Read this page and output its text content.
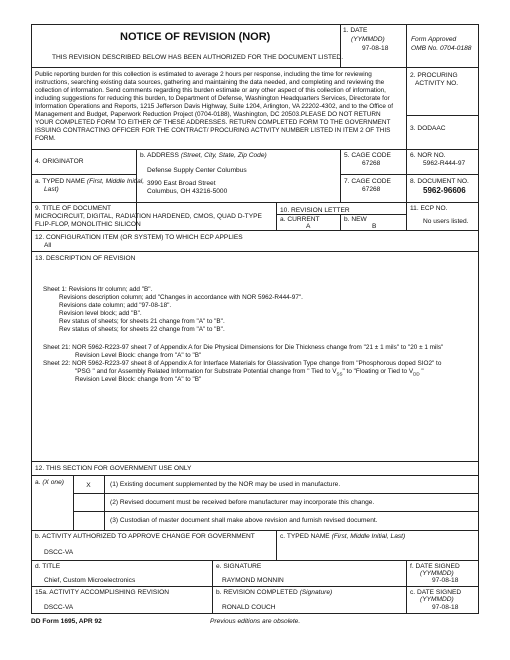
NOTICE OF REVISION (NOR)
THIS REVISION DESCRIBED BELOW HAS BEEN AUTHORIZED FOR THE DOCUMENT LISTED.
1. DATE
(YYMMDD)
97-08-18
Form Approved
OMB No. 0704-0188
Public reporting burden for this collection is estimated to average 2 hours per response, including the time for reviewing
instructions, searching existing data sources, gathering and maintaining the data needed, and completing and reviewing the
collection of information. Send comments regarding this burden estimate or any other aspect of this collection of information,
including suggestions for reducing this burden, to Department of Defense, Washington Headquarters Services, Directorate for
Information Operations and Reports, 1215 Jefferson Davis Highway, Suite 1204, Arlington, VA 22202-4302, and to the Office of
Management and Budget, Paperwork Reduction Project (0704-0188), Washington, DC 20503.PLEASE DO NOT RETURN
YOUR COMPLETED FORM TO EITHER OF THESE ADDRESSES. RETURN COMPLETED FORM TO THE GOVERNMENT
ISSUING CONTRACTING OFFICER FOR THE CONTRACT/ PROCURING ACTIVITY NUMBER LISTED IN ITEM 2 OF THIS
FORM.
2. PROCURING
ACTIVITY NO.
3. DODAAC
4. ORIGINATOR
b. ADDRESS (Street, City, State, Zip Code)
Defense Supply Center Columbus
3990 East Broad Street
Columbus, OH 43216-5000
5. CAGE CODE
67268
6. NOR NO.
5962-R444-97
a. TYPED NAME (First, Middle Initial,
Last)
7. CAGE CODE
67268
8. DOCUMENT NO.
5962-96606
9. TITLE OF DOCUMENT
MICROCIRCUIT, DIGITAL, RADIATION HARDENED, CMOS, QUAD D-TYPE
FLIP-FLOP, MONOLITHIC SILICON
10. REVISION LETTER
a. CURRENT
A
b. NEW
B
11. ECP NO.
No users listed.
12. CONFIGURATION ITEM (OR SYSTEM) TO WHICH ECP APPLIES
All
13. DESCRIPTION OF REVISION
Sheet 1: Revisions ltr column; add "B".
Revisions description column; add "Changes in accordance with NOR 5962-R444-97".
Revisions date column; add "97-08-18".
Revision level block; add "B".
Rev status of sheets; for sheets 21 change from "A" to "B".
Rev status of sheets; for sheets 22 change from "A" to "B".
Sheet 21: NOR 5962-R223-97 sheet 7 of Appendix A for Die Physical Dimensions for Die Thickness change from "21 ± 1 mils" to "20 ± 1 mils"
Revision Level Block: change from "A" to "B"
Sheet 22: NOR 5962-R223-97 sheet 8 of Appendix A for Interface Materials for Glassivation Type change from "Phosphorous doped SIO2" to
"PSG " and for Assembly Related Information for Substrate Potential change from " Tied to $V_{SS}$" to "Floating or Tied to $V_{DD}$ "
Revision Level Block: change from "A" to "B"
12. THIS SECTION FOR GOVERNMENT USE ONLY
a. (X one)	X	(1) Existing document supplemented by the NOR may be used in manufacture.
(2) Revised document must be received before manufacturer may incorporate this change.
(3) Custodian of master document shall make above revision and furnish revised document.
b. ACTIVITY AUTHORIZED TO APPROVE CHANGE FOR GOVERNMENT
DSCC-VA
c. TYPED NAME (First, Middle Initial, Last)
d. TITLE
Chief, Custom Microelectronics
e. SIGNATURE
RAYMOND MONNIN
f. DATE SIGNED
(YYMMDD)
97-08-18
15a. ACTIVITY ACCOMPLISHING REVISION
DSCC-VA
b. REVISION COMPLETED (Signature)
RONALD COUCH
c. DATE SIGNED
(YYMMDD)
97-08-18
DD Form 1695, APR 92	Previous editions are obsolete.
